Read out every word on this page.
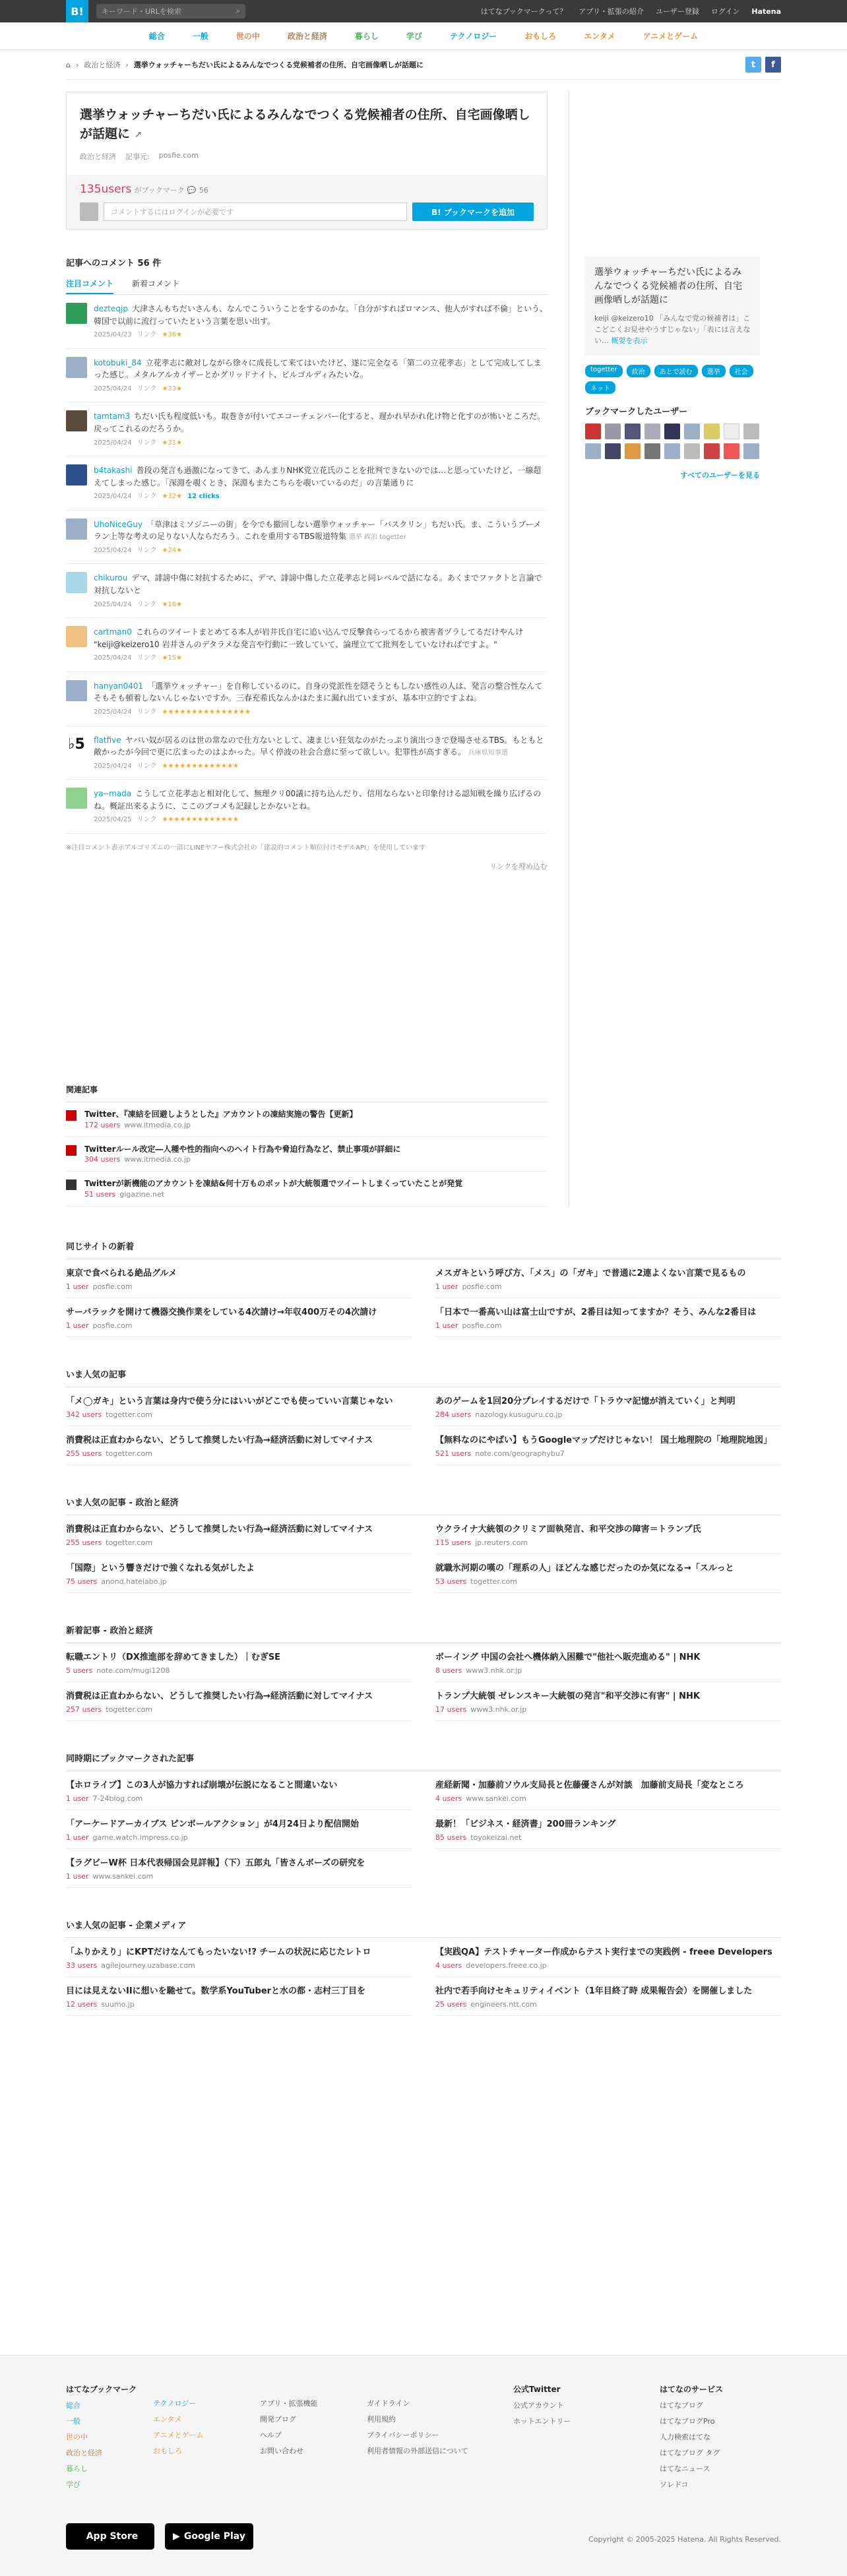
B!	キーワード・URLを検索	⌕	はてなブックマークって？ アプリ・拡張の紹介 ユーザー登録 ログイン Hatena
総合	一般	世の中	政治と経済	暮らし	学び	テクノロジー	おもしろ	エンタメ	アニメとゲーム
⌂ › 政治と経済 › 選挙ウォッチャーちだい氏によるみんなでつくる党候補者の住所、自宅画像晒しが話題に	t	f
選挙ウォッチャーちだい氏によるみんなでつくる党候補者の住所、自宅画像晒しが話題に ↗
政治と経済 記事元: posfie.com
135users がブックマーク 💬 56
コメントするにはログインが必要です	B! ブックマークを追加
記事へのコメント 56 件
注目コメント 新着コメント
dezteqjp 大津さんもちだいさんも、なんでこういうことをするのかな。「自分がすればロマンス、他人がすれば不倫」という、韓国で以前に流行っていたという言葉を思い出す。
2025/04/23 リンク ★36★
kotobuki_84 立花孝志に敵対しながら徐々に成長して来てはいたけど、遂に完全なる「第二の立花孝志」として完成してしまった感じ。メタルアルカイザーとかグリッドナイト、ビルゴルディみたいな。
2025/04/24 リンク ★33★
tamtam3 ちだい氏も程度低いも。取巻きが付いてエコーチェンバー化すると、遅かれ早かれ化け物と化すのが怖いところだ。戻ってこれるのだろうか。
2025/04/24 リンク ★31★
b4takashi 普段の発言も過激になってきて、あんまりNHK党立花氏のことを批判できないのでは…と思っていたけど、一線超えてしまった感じ。「深淵を覗くとき、深淵もまたこちらを覗いているのだ」の言葉通りに
2025/04/24 リンク ★32★ 12 clicks
UhoNiceGuy 「草津はミソジニーの街」を今でも撤回しない選挙ウォッチャー「バスクリン」ちだい氏。ま、こういうブーメラン上等な考えの足りない人ならだろう。これを重用するTBS報道特集 選挙 政治 togetter
2025/04/24 リンク ★24★
chikurou デマ、誹謗中傷に対抗するために、デマ、誹謗中傷した立花孝志と同レベルで話になる。あくまでファクトと言論で対抗しないと
2025/04/24 リンク ★16★
cartman0 これらのツイートまとめてる本人が岩井氏自宅に追い込んで反撃食らってるから被害者ヅラしてるだけやんけ "keiji@keizero10 岩井さんのデタラメな発言や行動に一致していて、論理立てて批判をしていなければですよ。"
2025/04/24 リンク ★15★
hanyan0401 「選挙ウォッチャー」を自称しているのに、自身の党派性を隠そうともしない感性の人は、発言の整合性なんてそもそも頓着しないんじゃないですか。三春充希氏なんかはたまに漏れ出ていますが、基本中立的ですよね。
2025/04/24 リンク ★★★★★★★★★★★★★★★
♭5 flatfive ヤバい奴が居るのは世の常なので仕方ないとして、凄まじい狂気なのがたっぷり演出つきで登場させるTBS。もともと敵かったが今回で更に広まったのはよかった。早く停波の社会合意に至って欲しい。犯罪性が高すぎる。 兵庫県知事選
2025/04/24 リンク ★★★★★★★★★★★★★
ya--mada こうして立花孝志と相対化して、無理クリ00議に持ち込んだり、信用ならないと印象付ける認知戦を繰り広げるのね。概証出来るように、ここのブコメも記録しとかないとね。
2025/04/25 リンク ★★★★★★★★★★★★★
※注目コメント表示アルゴリズムの一部にLINEヤフー株式会社の「建設的コメント順位付けモデルAPI」を使用しています
リンクを埋め込む
関連記事
Twitter、『凍結を回避しようとした』アカウントの凍結実施の警告【更新】
172 users www.itmedia.co.jp
Twitterルール改定―人種や性的指向へのヘイト行為や脅迫行為など、禁止事項が詳細に
304 users www.itmedia.co.jp
Twitterが新機能のアカウントを凍結&何十万ものボットが大統領選でツイートしまくっていたことが発覚
51 users gigazine.net
選挙ウォッチャーちだい氏によるみんなでつくる党候補者の住所、自宅画像晒しが話題に
keiji @keizero10 「みんなで党の候補者は」ここどこくお見せやうすじゃない」「表には言えない… 概要を表示
togetter	政治	あとで読む	選挙	社会
ネット
ブックマークしたユーザー
すべてのユーザーを見る
同じサイトの新着
東京で食べられる絶品グルメ
1 user posfie.com
メスガキという呼び方、「メス」の「ガキ」で普通に2連よくない言葉で見るもの
1 user posfie.com
サーバラックを開けて機器交換作業をしている4次請け→年収400万その4次請け
1 user posfie.com
「日本で一番高い山は富士山ですが、2番目は知ってますか？そう、みんな2番目は
1 user posfie.com
いま人気の記事
「メ◯ガキ」という言葉は身内で使う分にはいいがどこでも使っていい言葉じゃない
342 users togetter.com
あのゲームを1回20分プレイするだけで「トラウマ記憶が消えていく」と判明
284 users nazology.kusuguru.co.jp
消費税は正直わからない、どうして推奨したい行為→経済活動に対してマイナス
255 users togetter.com
【無料なのにやばい】もうGoogleマップだけじゃない！ 国土地理院の「地理院地図」
521 users note.com/geographybu7
いま人気の記事 - 政治と経済
消費税は正直わからない、どうして推奨したい行為→経済活動に対してマイナス
255 users togetter.com
ウクライナ大統領のクリミア面執発言、和平交渉の障害＝トランプ氏
115 users jp.reuters.com
「国際」という響きだけで強くなれる気がしたよ
75 users anond.hatelabo.jp
就職氷河期の嘆の「理系の人」ほどんな感じだったのか気になる→「スルっと
53 users togetter.com
新着記事 - 政治と経済
転職エントリ（DX推進部を辞めてきました）｜むぎSE
5 users note.com/mugi1208
ボーイング 中国の会社へ機体納入困難で"他社へ販売進める" | NHK
8 users www3.nhk.or.jp
消費税は正直わからない、どうして推奨したい行為→経済活動に対してマイナス
257 users togetter.com
トランプ大統領 ゼレンスキー大統領の発言"和平交渉に有害" | NHK
17 users www3.nhk.or.jp
同時期にブックマークされた記事
【ホロライブ】この3人が協力すれば崩壊が伝説になること間違いない
1 user 7-24blog.com
産経新聞・加藤前ソウル支局長と佐藤優さんが対談　加藤前支局長「変なところ
4 users www.sankei.com
「アーケードアーカイブス ピンボールアクション」が4月24日より配信開始
1 user game.watch.impress.co.jp
最新！「ビジネス・経済書」200冊ランキング
85 users toyokeizai.net
【ラグビーW杯 日本代表帰国会見詳報】（下）五郎丸「皆さんボーズの研究を
1 user www.sankei.com
いま人気の記事 - 企業メディア
「ふりかえり」にKPTだけなんてもったいない!? チームの状況に応じたレトロ
33 users agilejourney.uzabase.com
【実践QA】テストチャーター作成からテスト実行までの実践例 - freee Developers
4 users developers.freee.co.jp
目には見えないIIに想いを馳せて。数学系YouTuberと水の都・志村三丁目を
12 users suumo.jp
社内で若手向けセキュリティイベント（1年目終了時 成果報告会）を開催しました
25 users engineers.ntt.com
はてなブックマーク
総合
一般
世の中
政治と経済
暮らし
学び

テクノロジー
エンタメ
アニメとゲーム
おもしろ

アプリ・拡張機能
開発ブログ
ヘルプ
お問い合わせ

ガイドライン
利用規約
プライバシーポリシー
利用者情報の外部送信について
公式Twitter
公式アカウント
ホットエントリー
はてなのサービス
はてなブログ
はてなブログPro
人力検索はてな
はてなブログ タグ
はてなニュース
ソレドコ
App Store	▶ Google Play	Copyright © 2005-2025 Hatena. All Rights Reserved.
